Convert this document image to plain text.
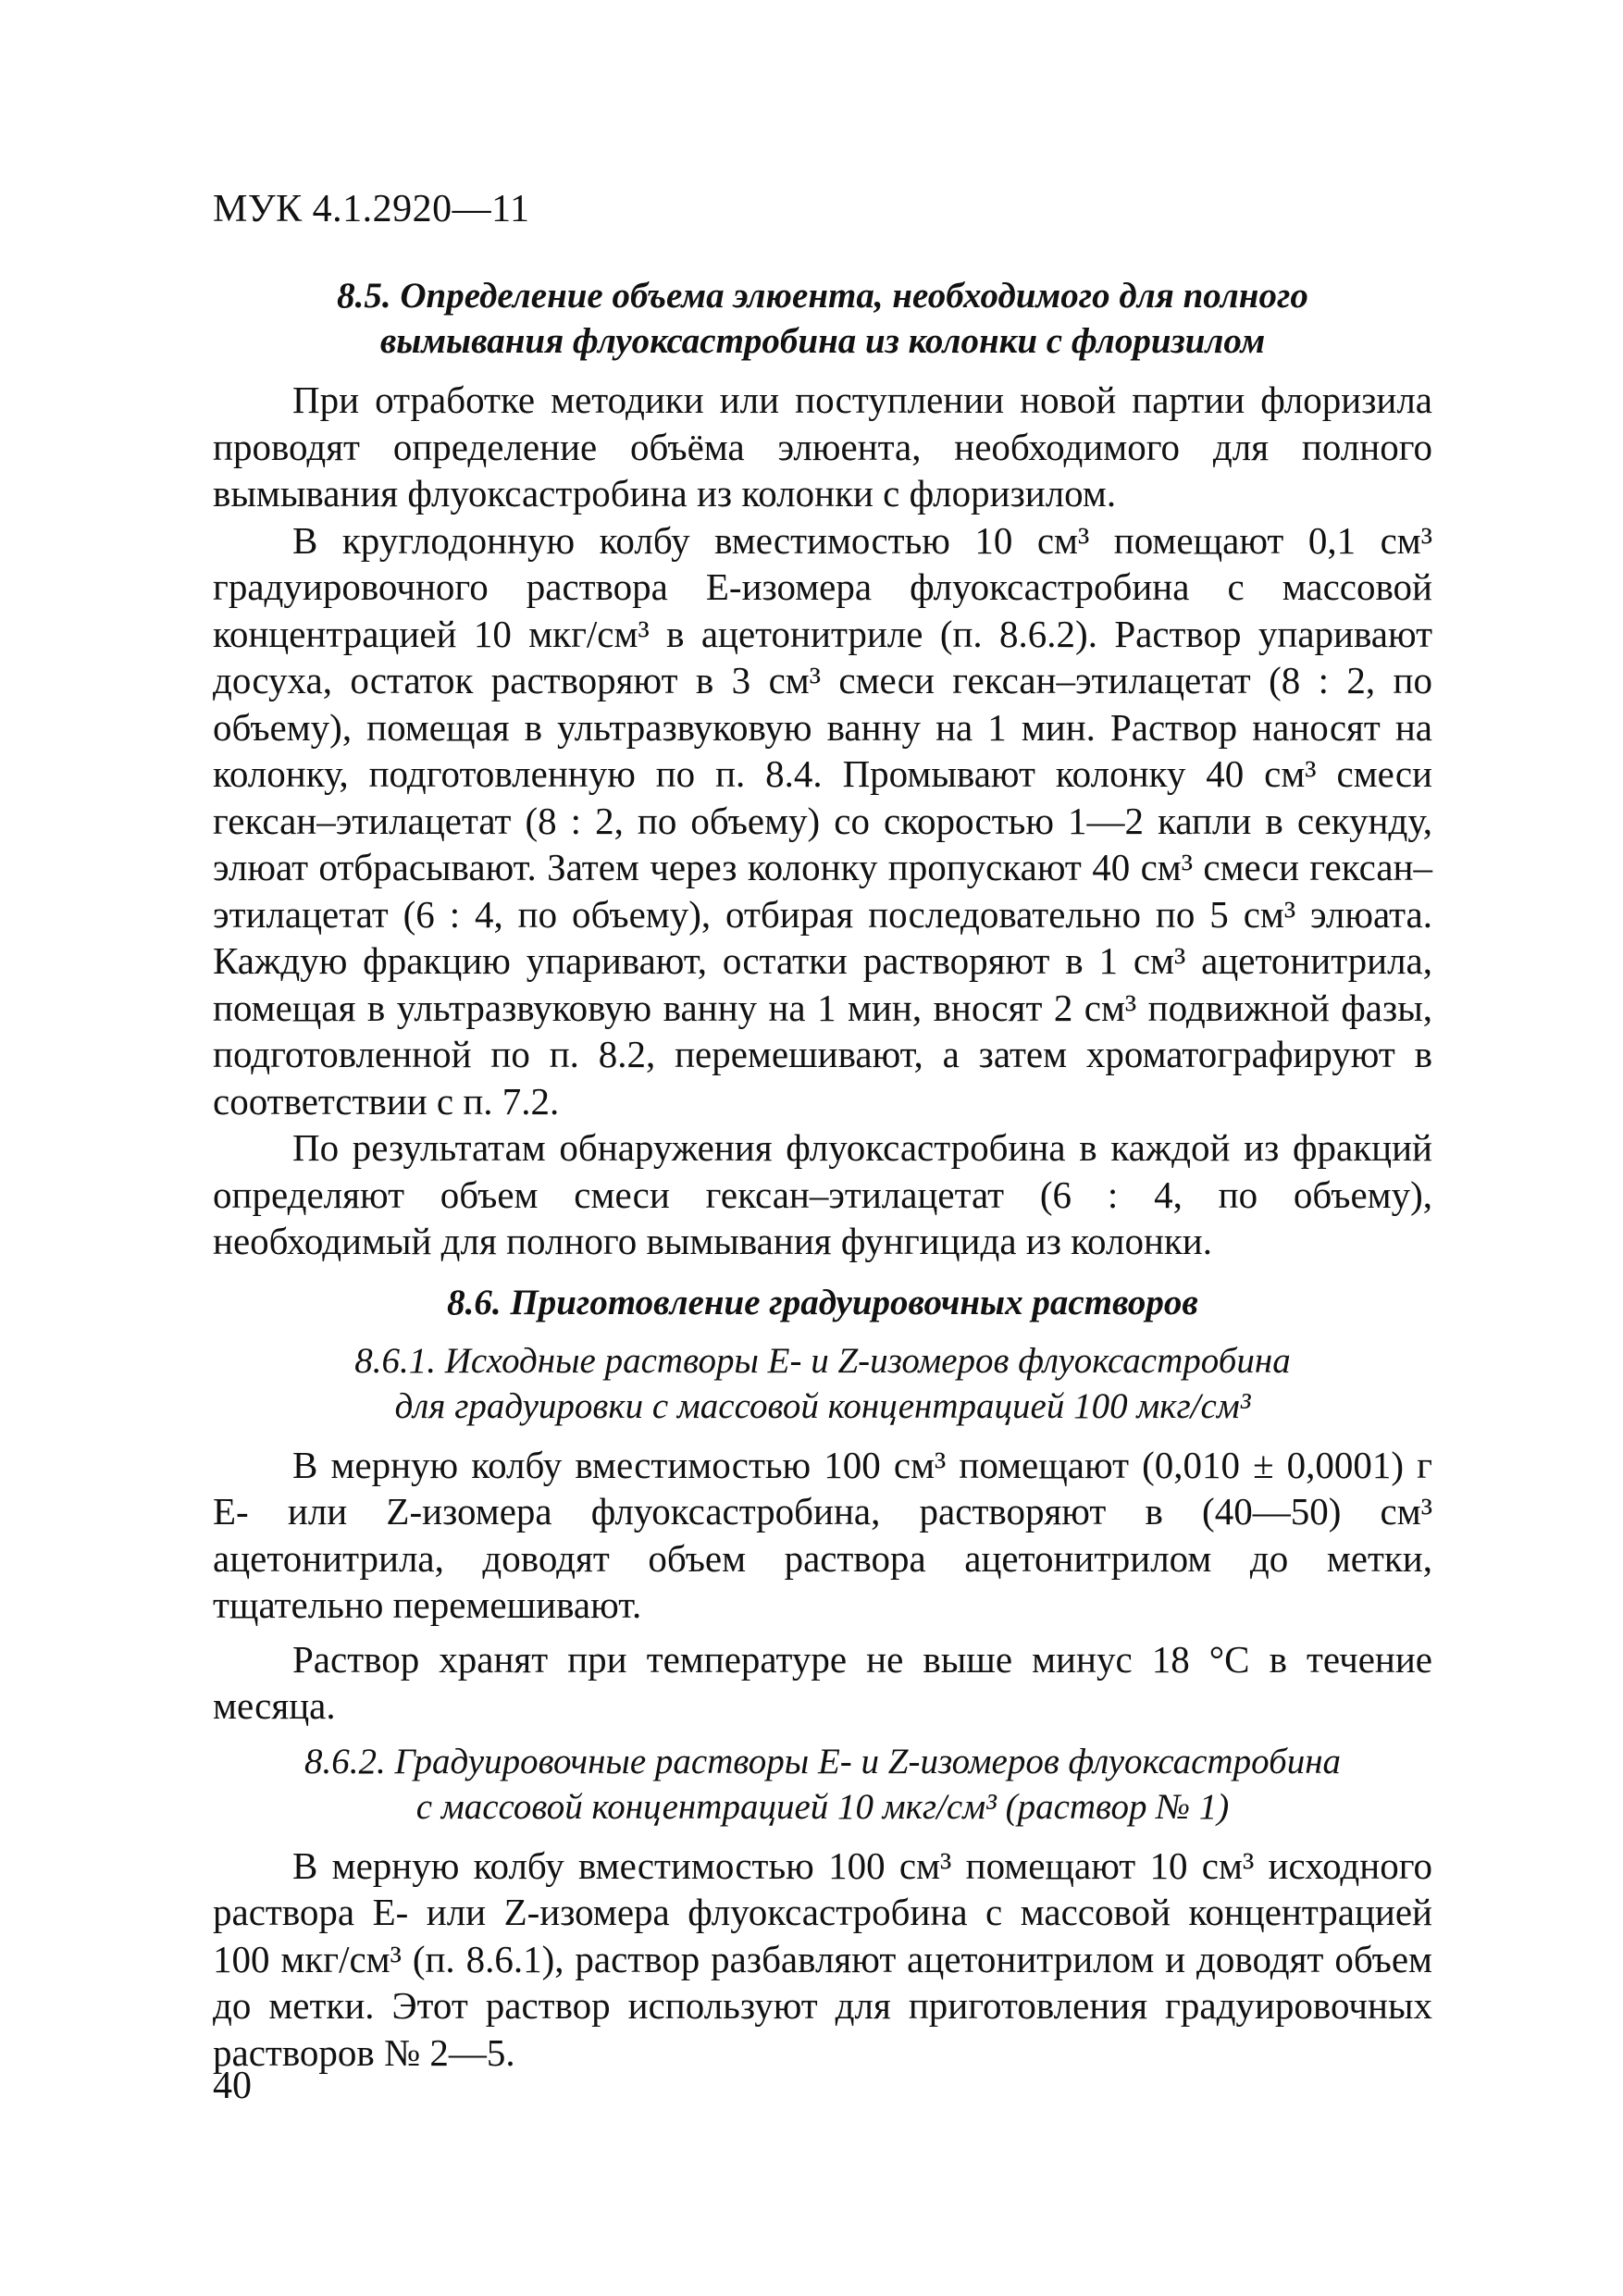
МУК 4.1.2920—11
8.5. Определение объема элюента, необходимого для полного
вымывания флуоксастробина из колонки с флоризилом

При отработке методики или поступлении новой партии флоризила проводят определение объёма элюента, необходимого для полного вымывания флуоксастробина из колонки с флоризилом.

В круглодонную колбу вместимостью 10 см³ помещают 0,1 см³ градуировочного раствора Е-изомера флуоксастробина с массовой концентрацией 10 мкг/см³ в ацетонитриле (п. 8.6.2). Раствор упаривают досуха, остаток растворяют в 3 см³ смеси гексан–этилацетат (8 : 2, по объему), помещая в ультразвуковую ванну на 1 мин. Раствор наносят на колонку, подготовленную по п. 8.4. Промывают колонку 40 см³ смеси гексан–этилацетат (8 : 2, по объему) со скоростью 1—2 капли в секунду, элюат отбрасывают. Затем через колонку пропускают 40 см³ смеси гексан–этилацетат (6 : 4, по объему), отбирая последовательно по 5 см³ элюата. Каждую фракцию упаривают, остатки растворяют в 1 см³ ацетонитрила, помещая в ультразвуковую ванну на 1 мин, вносят 2 см³ подвижной фазы, подготовленной по п. 8.2, перемешивают, а затем хроматографируют в соответствии с п. 7.2.

По результатам обнаружения флуоксастробина в каждой из фракций определяют объем смеси гексан–этилацетат (6 : 4, по объему), необходимый для полного вымывания фунгицида из колонки.

8.6. Приготовление градуировочных растворов
8.6.1. Исходные растворы Е- и Z-изомеров флуоксастробина
для градуировки с массовой концентрацией 100 мкг/см³

В мерную колбу вместимостью 100 см³ помещают (0,010 ± 0,0001) г Е- или Z-изомера флуоксастробина, растворяют в (40—50) см³ ацетонитрила, доводят объем раствора ацетонитрилом до метки, тщательно перемешивают.

Раствор хранят при температуре не выше минус 18 °С в течение месяца.

8.6.2. Градуировочные растворы Е- и Z-изомеров флуоксастробина
с массовой концентрацией 10 мкг/см³ (раствор № 1)

В мерную колбу вместимостью 100 см³ помещают 10 см³ исходного раствора Е- или Z-изомера флуоксастробина с массовой концентрацией 100 мкг/см³ (п. 8.6.1), раствор разбавляют ацетонитрилом и доводят объем до метки. Этот раствор используют для приготовления градуировочных растворов № 2—5.

40
